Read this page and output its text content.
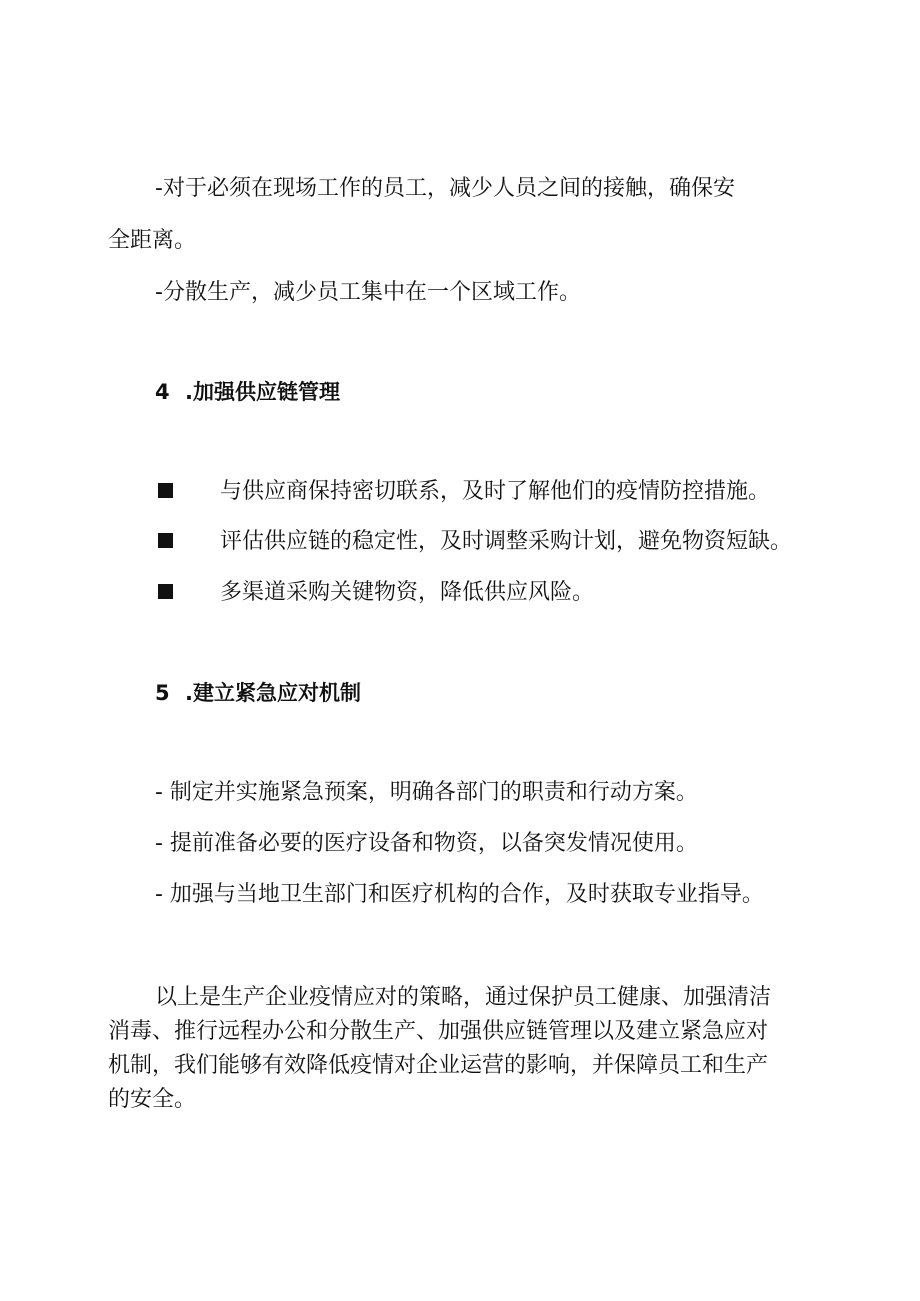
-对于必须在现场工作的员工，减少人员之间的接触，确保安
全距离。
-分散生产，减少员工集中在一个区域工作。
4 .加强供应链管理
与供应商保持密切联系，及时了解他们的疫情防控措施。
评估供应链的稳定性，及时调整采购计划，避免物资短缺。
多渠道采购关键物资，降低供应风险。
5 .建立紧急应对机制
- 制定并实施紧急预案，明确各部门的职责和行动方案。
- 提前准备必要的医疗设备和物资，以备突发情况使用。
- 加强与当地卫生部门和医疗机构的合作，及时获取专业指导。
以上是生产企业疫情应对的策略，通过保护员工健康、加强清洁
消毒、推行远程办公和分散生产、加强供应链管理以及建立紧急应对
机制，我们能够有效降低疫情对企业运营的影响，并保障员工和生产
的安全。
